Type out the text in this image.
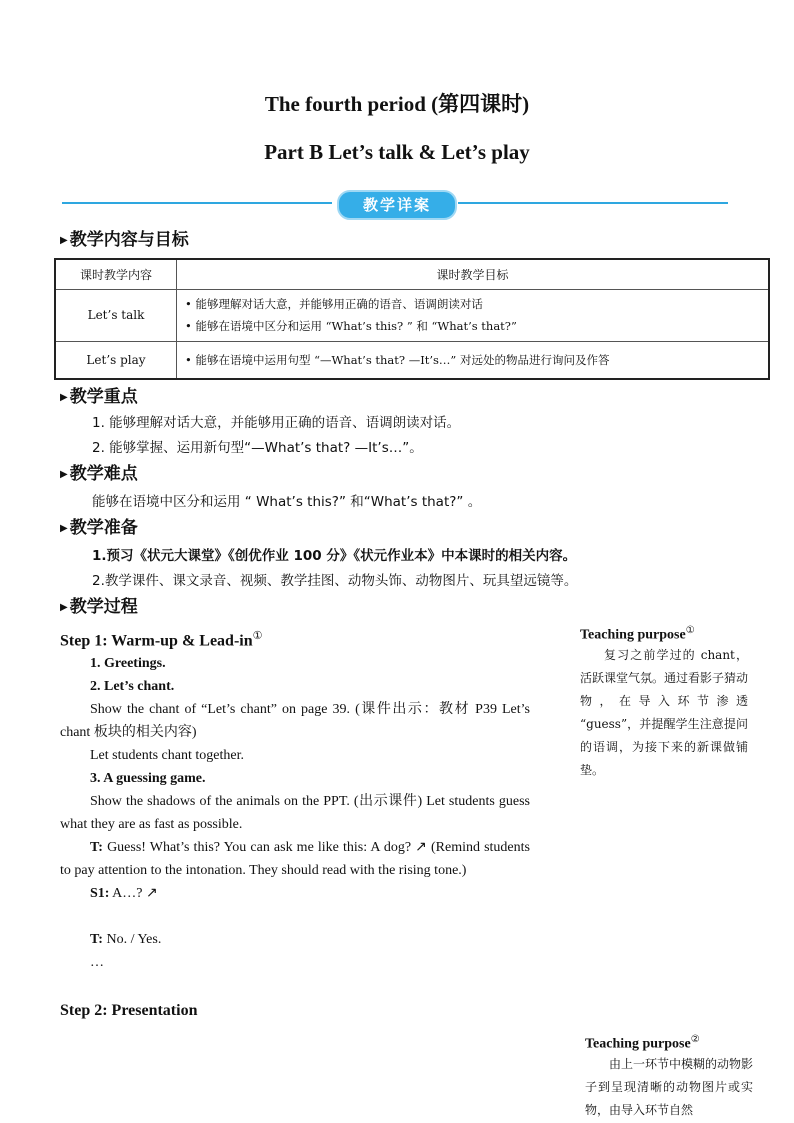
The fourth period (第四课时)
Part B Let’s talk & Let’s play
教学详案
▶ 教学内容与目标
课时教学内容	课时教学目标
Let’s talk	• 能够理解对话大意，并能够用正确的语音、语调朗读对话
• 能够在语境中区分和运用 “What’s this? ” 和 “What’s that?”

Let’s play	• 能够在语境中运用句型 “—What’s that? —It’s…” 对远处的物品进行询问及作答
▶ 教学重点
1. 能够理解对话大意，并能够用正确的语音、语调朗读对话。
2. 能够掌握、运用新句型“—What’s that? —It’s…”。
▶ 教学难点
能够在语境中区分和运用 “ What’s this?” 和“What’s that?” 。
▶ 教学准备
1.预习《状元大课堂》《创优作业 100 分》《状元作业本》中本课时的相关内容。
2.教学课件、课文录音、视频、教学挂图、动物头饰、动物图片、玩具望远镜等。
▶ 教学过程
Step 1: Warm-up & Lead-in①
1. Greetings.
2. Let’s chant.
Show the chant of “Let’s chant” on page 39. (课件出示：教材 P39 Let’s chant 板块的相关内容)
Let students chant together.
3. A guessing game.
Show the shadows of the animals on the PPT. (出示课件) Let students guess what they are as fast as possible.
T: Guess! What’s this? You can ask me like this: A dog? ↗ (Remind students to pay attention to the intonation. They should read with the rising tone.)
S1: A…? ↗
T: No. / Yes.
…
Step 2: Presentation
Teaching purpose①
复习之前学过的 chant，活跃课堂气氛。通过看影子猜动物，在导入环节渗透 “guess”，并提醒学生注意提问的语调，为接下来的新课做铺垫。
Teaching purpose②
由上一环节中模糊的动物影子到呈现清晰的动物图片或实物，由导入环节自然
